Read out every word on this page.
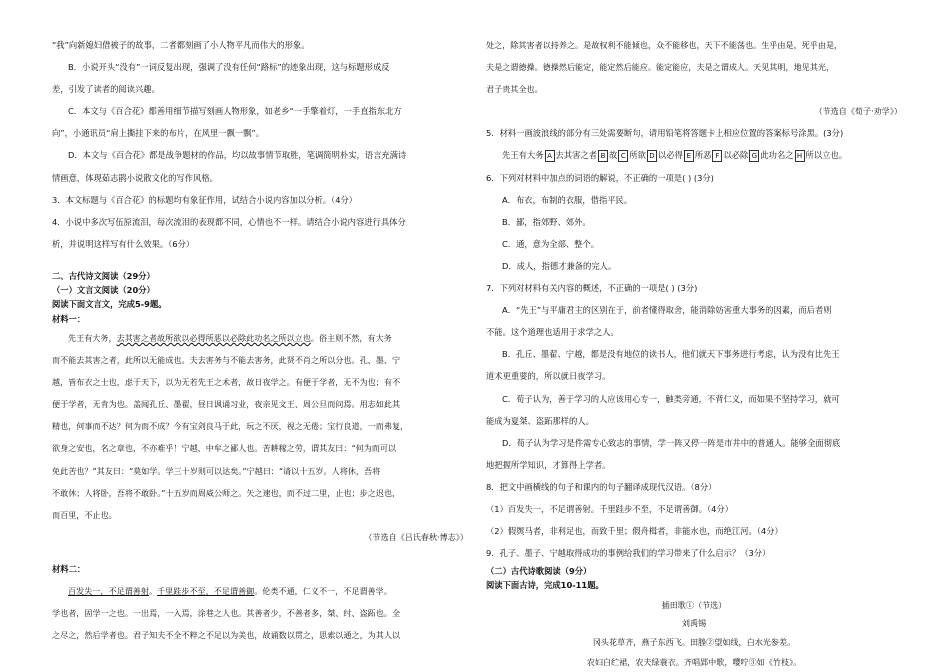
“我”向新媳妇借被子的故事，二者都刻画了小人物平凡而伟大的形象。

B．小说开头“没有”一词反复出现，强调了没有任何“路标”的迹象出现，这与标题形成反

差，引发了读者的阅读兴趣。

C．本文与《百合花》都善用细节描写刻画人物形象，如老乡“一手擎着灯，一手直指东北方

向”，小通讯员“肩上撕挂下来的布片，在风里一飘一飘”。

D．本文与《百合花》都是战争题材的作品，均以故事情节取胜，笔调简明朴实，语言充满诗

情画意，体现茹志鹃小说散文化的写作风格。

3．本文标题与《百合花》的标题均有象征作用，试结合小说内容加以分析。（4分）

4．小说中多次写伍原流泪，每次流泪的表现都不同，心情也不一样。请结合小说内容进行具体分

析，并说明这样写有什么效果。（6分）

二、古代诗文阅读（29分）

（一）文言文阅读（20分）

阅读下面文言文，完成5-9题。

材料一：

先王有大务，去其害之者故所欲以必得所恶以必除此功名之所以立也。俗主则不然，有大务

而不能去其害之者，此所以无能成也。夫去害务与不能去害务，此贤不肖之所以分也。孔、墨、宁

越，皆布衣之士也，虑于天下，以为无若先王之术者，故日夜学之。有便于学者，无不为也；有不

便于学者，无肯为也。盖闻孔丘、墨翟，昼日讽诵习业，夜亲见文王、周公旦而问焉。用志如此其

精也，何事而不达？何为而不成？今有宝剑良马于此，玩之不厌，视之无倦；宝行良道，一而弗复，

欲身之安也，名之章也，不亦难乎！宁越，中牟之鄙人也。苦耕稼之劳，谓其友曰：“何为而可以

免此苦也？”其友曰：“莫如学。学三十岁则可以达矣。”宁越曰：“请以十五岁。人将休，吾将

不敢休；人将卧，吾将不敢卧。”十五岁而周威公师之。矢之速也，而不过二里，止也；步之迟也，

而百里，不止也。

（节选自《吕氏春秋·博志》）

材料二：

百发失一，不足谓善射。千里跬步不至，不足谓善御。伦类不通，仁义不一，不足谓善学。

学也者，固学一之也。一出焉，一入焉，涂巷之人也。其善者少，不善者多，桀、纣、盗跖也。全

之尽之，然后学者也。君子知夫不全不粹之不足以为美也，故诵数以贯之，思索以通之，为其人以

处之，除其害者以持养之。是故权利不能倾也，众不能移也，天下不能荡也。生乎由是，死乎由是，

夫是之谓德操。德操然后能定，能定然后能应。能定能应，夫是之谓成人。天见其明，地见其光，

君子贵其全也。

（节选自《荀子·劝学》）

5．材料一画波浪线的部分有三处需要断句，请用铅笔将答题卡上相应位置的答案标号涂黑。(3分)

先王有大务 A 去其害之者 B 故 C 所欲 D 以必得 E 所恶 F 以必除 G 此功名之 H 所以立也。

6．下列对材料中加点的词语的解说，不正确的一项是( ) (3分)

A．布衣，布制的衣服，借指平民。

B．鄙，指郊野、郊外。

C．通，意为全部、整个。

D．成人，指德才兼备的完人。

7．下列对材料有关内容的概述，不正确的一项是( ) (3分)

A．“先王”与平庸君主的区别在于，前者懂得取舍，能消除妨害重大事务的因素，而后者则

不能。这个道理也适用于求学之人。

B．孔丘、墨翟、宁越，都是没有地位的读书人，他们就天下事务进行考虑，认为没有比先王

道术更重要的，所以就日夜学习。

C．荀子认为，善于学习的人应该用心专一，触类旁通，不背仁义，而如果不坚持学习，就可

能成为夏桀、盗跖那样的人。

D．荀子认为学习是件需专心致志的事情，学一阵又停一阵是市井中的普通人。能够全面彻底

地把握所学知识，才算得上学者。

8．把文中画横线的句子和课内的句子翻译成现代汉语。（8分）

（1）百发失一，不足谓善射。千里跬步不至，不足谓善御。（4分）

（2）假舆马者，非利足也，而致千里；假舟楫者，非能水也，而绝江河。（4分）

9．孔子、墨子、宁越取得成功的事例给我们的学习带来了什么启示？（3分）

（二）古代诗歌阅读（9分）

阅读下面古诗，完成10-11题。

插田歌①（节选）

刘禹锡

冈头花草齐，燕子东西飞。田塍②望如线，白水光参差。

农妇白纻裙，农夫绿蓑衣。齐唱郢中歌，嘤咛③如《竹枝》。
